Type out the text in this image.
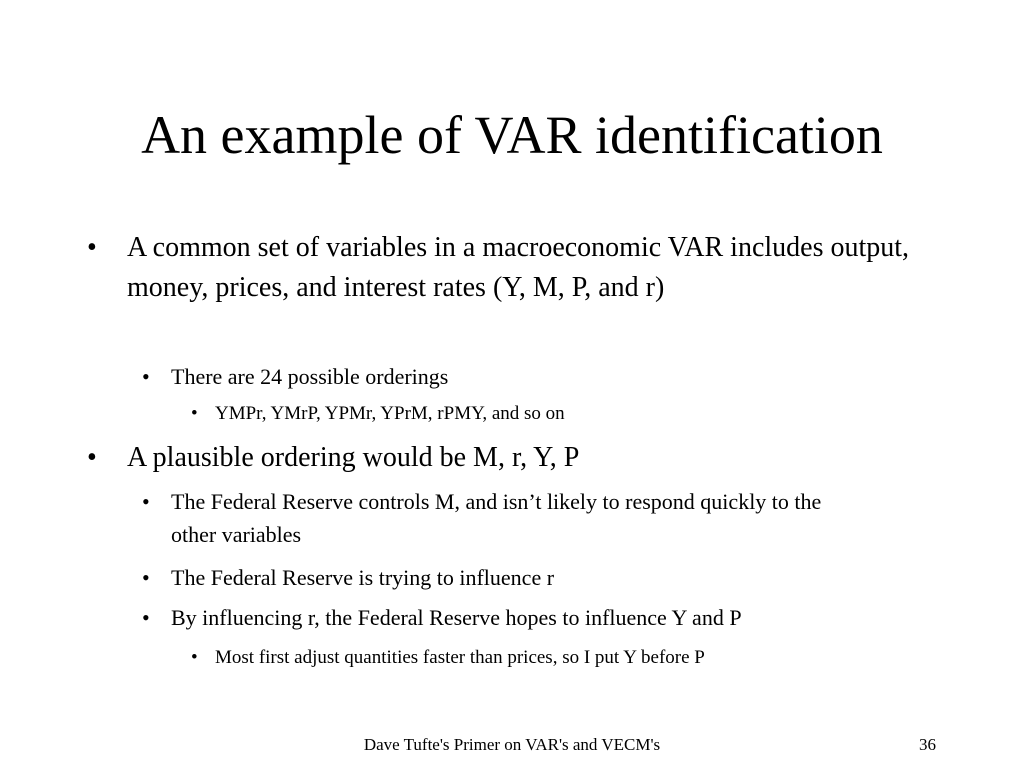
An example of VAR identification

• A common set of variables in a macroeconomic VAR includes output, money, prices, and interest rates (Y, M, P, and r)

• There are 24 possible orderings

• YMPr, YMrP, YPMr, YPrM, rPMY, and so on

• A plausible ordering would be M, r, Y, P

• The Federal Reserve controls M, and isn’t likely to respond quickly to the other variables

• The Federal Reserve is trying to influence r

• By influencing r, the Federal Reserve hopes to influence Y and P

• Most first adjust quantities faster than prices, so I put Y before P

Dave Tufte's Primer on VAR's and VECM's	36
